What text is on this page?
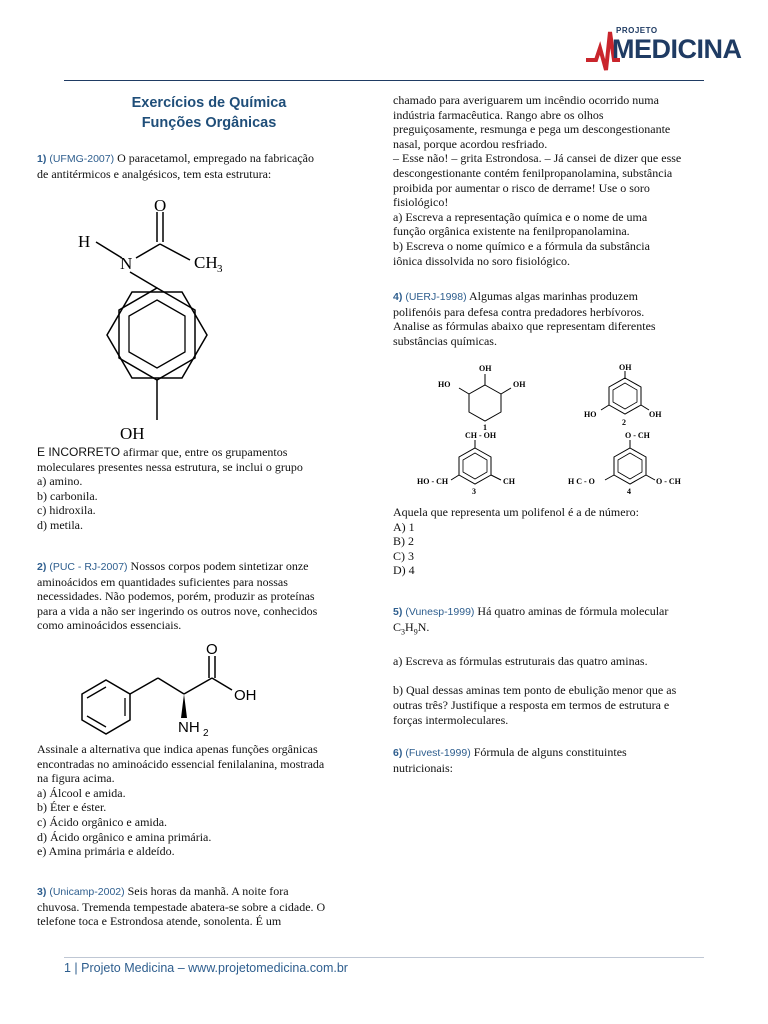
PROJETO
MEDICINA
Exercícios de Química
Funções Orgânicas
1) (UFMG-2007) O paracetamol, empregado na fabricação
de antitérmicos e analgésicos, tem esta estrutura:
O
H
N	CH 3
OH
E INCORRETO afirmar que, entre os grupamentos
moleculares presentes nessa estrutura, se inclui o grupo
a) amino.
b) carbonila.
c) hidroxila.
d) metila.
2) (PUC - RJ-2007) Nossos corpos podem sintetizar onze
aminoácidos em quantidades suficientes para nossas
necessidades. Não podemos, porém, produzir as proteínas
para a vida a não ser ingerindo os outros nove, conhecidos
como aminoácidos essenciais.
O
OH
NH 2
Assinale a alternativa que indica apenas funções orgânicas
encontradas no aminoácido essencial fenilalanina, mostrada
na figura acima.
a) Álcool e amida.
b) Éter e éster.
c) Ácido orgânico e amida.
d) Ácido orgânico e amina primária.
e) Amina primária e aldeído.
3) (Unicamp-2002) Seis horas da manhã. A noite fora
chuvosa. Tremenda tempestade abatera-se sobre a cidade. O
telefone toca e Estrondosa atende, sonolenta. É um
chamado para averiguarem um incêndio ocorrido numa
indústria farmacêutica. Rango abre os olhos
preguiçosamente, resmunga e pega um descongestionante
nasal, porque acordou resfriado.
– Esse não! – grita Estrondosa. – Já cansei de dizer que esse
descongestionante contém fenilpropanolamina, substância
proibida por aumentar o risco de derrame! Use o soro
fisiológico!
a) Escreva a representação química e o nome de uma
função orgânica existente na fenilpropanolamina.
b) Escreva o nome químico e a fórmula da substância
iônica dissolvida no soro fisiológico.
4) (UERJ-1998) Algumas algas marinhas produzem
polifenóis para defesa contra predadores herbívoros.
Analise as fórmulas abaixo que representam diferentes
substâncias químicas.
OH
OH
HO
1
OH
OH
HO
2
CH - OH
HO - CH	CH
3
O - CH
O - CH
H C - O
4
Aquela que representa um polifenol é a de número:
A) 1
B) 2
C) 3
D) 4
5) (Vunesp-1999) Há quatro aminas de fórmula molecular
$C_3H_9N$.

a) Escreva as fórmulas estruturais das quatro aminas.

b) Qual dessas aminas tem ponto de ebulição menor que as
outras três? Justifique a resposta em termos de estrutura e
forças intermoleculares.
6) (Fuvest-1999) Fórmula de alguns constituintes
nutricionais:
1 | Projeto Medicina – www.projetomedicina.com.br
